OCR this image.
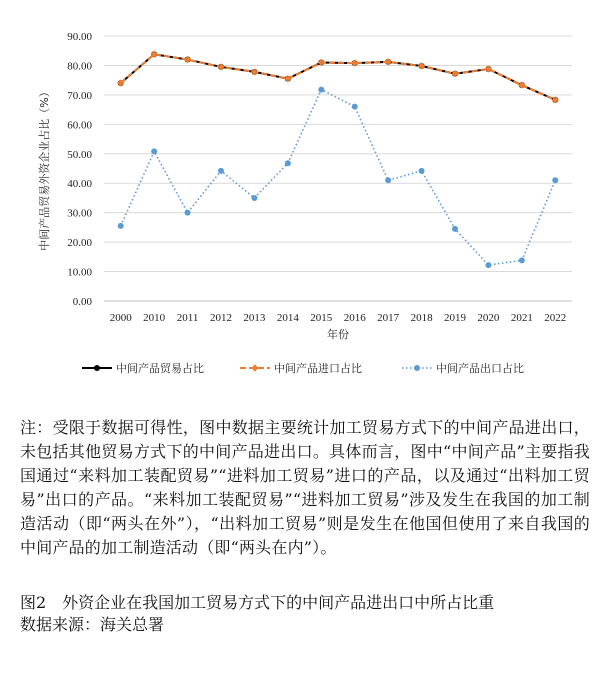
0.00
10.00
20.00
30.00
40.00
50.00
60.00
70.00
80.00
90.00
2000 2010 2011 2012 2013 2014 2015 2016 2017 2018 2019 2020 2021 2022
中间产品贸易外资企业占比（%）
年份
中间产品贸易占比	中间产品进口占比	中间产品出口占比

注：受限于数据可得性，图中数据主要统计加工贸易方式下的中间产品进出口，未包括其他贸易方式下的中间产品进出口。具体而言，图中“中间产品”主要指我国通过“来料加工装配贸易”“进料加工贸易”进口的产品，以及通过“出料加工贸易”出口的产品。“来料加工装配贸易”“进料加工贸易”涉及发生在我国的加工制造活动（即“两头在外”），“出料加工贸易”则是发生在他国但使用了来自我国的中间产品的加工制造活动（即“两头在内”）。

图2　外资企业在我国加工贸易方式下的中间产品进出口中所占比重

数据来源：海关总署
